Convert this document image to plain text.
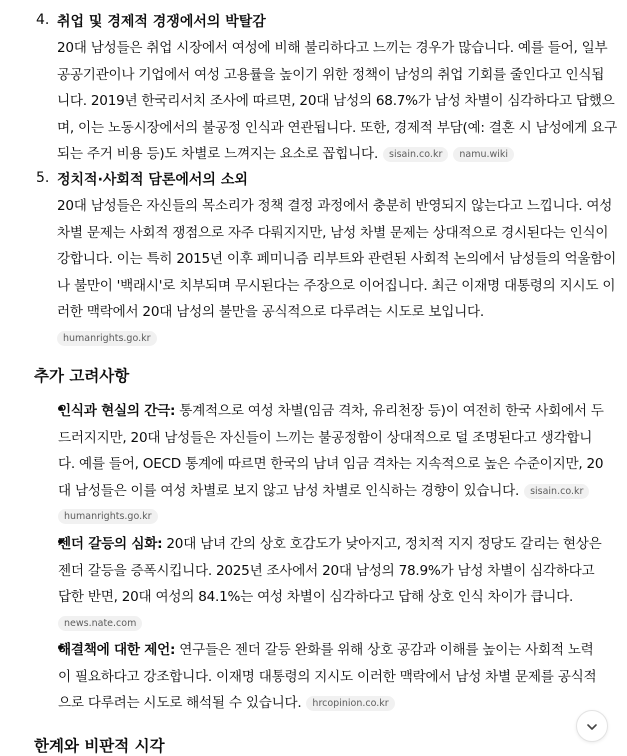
4. 취업 및 경제적 경쟁에서의 박탈감
20대 남성들은 취업 시장에서 여성에 비해 불리하다고 느끼는 경우가 많습니다. 예를 들어, 일부 공공기관이나 기업에서 여성 고용률을 높이기 위한 정책이 남성의 취업 기회를 줄인다고 인식됩니다. 2019년 한국리서치 조사에 따르면, 20대 남성의 68.7%가 남성 차별이 심각하다고 답했으며, 이는 노동시장에서의 불공정 인식과 연관됩니다. 또한, 경제적 부담(예: 결혼 시 남성에게 요구되는 주거 비용 등)도 차별로 느껴지는 요소로 꼽힙니다. sisain.co.kr namu.wiki
5. 정치적·사회적 담론에서의 소외
20대 남성들은 자신들의 목소리가 정책 결정 과정에서 충분히 반영되지 않는다고 느낍니다. 여성 차별 문제는 사회적 쟁점으로 자주 다뤄지지만, 남성 차별 문제는 상대적으로 경시된다는 인식이 강합니다. 이는 특히 2015년 이후 페미니즘 리부트와 관련된 사회적 논의에서 남성들의 억울함이나 불만이 '백래시'로 치부되며 무시된다는 주장으로 이어집니다. 최근 이재명 대통령의 지시도 이러한 맥락에서 20대 남성의 불만을 공식적으로 다루려는 시도로 보입니다.
humanrights.go.kr
추가 고려사항
인식과 현실의 간극: 통계적으로 여성 차별(임금 격차, 유리천장 등)이 여전히 한국 사회에서 두드러지지만, 20대 남성들은 자신들이 느끼는 불공정함이 상대적으로 덜 조명된다고 생각합니다. 예를 들어, OECD 통계에 따르면 한국의 남녀 임금 격차는 지속적으로 높은 수준이지만, 20대 남성들은 이를 여성 차별로 보지 않고 남성 차별로 인식하는 경향이 있습니다. sisain.co.kr
humanrights.go.kr
젠더 갈등의 심화: 20대 남녀 간의 상호 호감도가 낮아지고, 정치적 지지 정당도 갈리는 현상은 젠더 갈등을 증폭시킵니다. 2025년 조사에서 20대 남성의 78.9%가 남성 차별이 심각하다고 답한 반면, 20대 여성의 84.1%는 여성 차별이 심각하다고 답해 상호 인식 차이가 큽니다.
news.nate.com
해결책에 대한 제언: 연구들은 젠더 갈등 완화를 위해 상호 공감과 이해를 높이는 사회적 노력이 필요하다고 강조합니다. 이재명 대통령의 지시도 이러한 맥락에서 남성 차별 문제를 공식적으로 다루려는 시도로 해석될 수 있습니다. hrcopinion.co.kr
한계와 비판적 시각
